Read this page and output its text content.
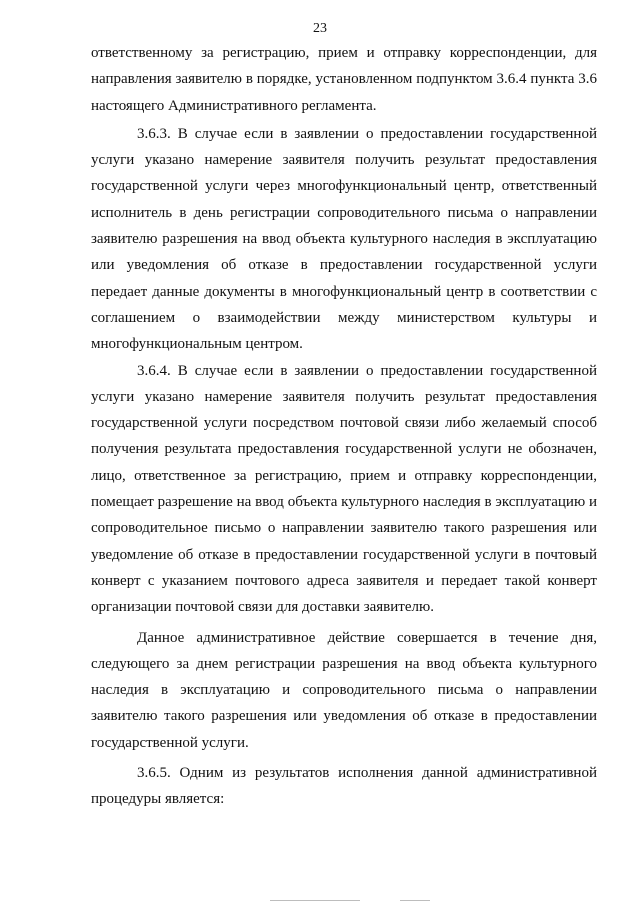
23

ответственному за регистрацию, прием и отправку корреспонденции, для направления заявителю в порядке, установленном подпунктом 3.6.4 пункта 3.6 настоящего Административного регламента.

3.6.3. В случае если в заявлении о предоставлении государственной услуги указано намерение заявителя получить результат предоставления государственной услуги через многофункциональный центр, ответственный исполнитель в день регистрации сопроводительного письма о направлении заявителю разрешения на ввод объекта культурного наследия в эксплуатацию или уведомления об отказе в предоставлении государственной услуги передает данные документы в многофункциональный центр в соответствии с соглашением о взаимодействии между министерством культуры и многофункциональным центром.

3.6.4. В случае если в заявлении о предоставлении государственной услуги указано намерение заявителя получить результат предоставления государственной услуги посредством почтовой связи либо желаемый способ получения результата предоставления государственной услуги не обозначен, лицо, ответственное за регистрацию, прием и отправку корреспонденции, помещает разрешение на ввод объекта культурного наследия в эксплуатацию и сопроводительное письмо о направлении заявителю такого разрешения или уведомление об отказе в предоставлении государственной услуги в почтовый конверт с указанием почтового адреса заявителя и передает такой конверт организации почтовой связи для доставки заявителю.

Данное административное действие совершается в течение дня, следующего за днем регистрации разрешения на ввод объекта культурного наследия в эксплуатацию и сопроводительного письма о направлении заявителю такого разрешения или уведомления об отказе в предоставлении государственной услуги.

3.6.5. Одним из результатов исполнения данной административной процедуры является:
